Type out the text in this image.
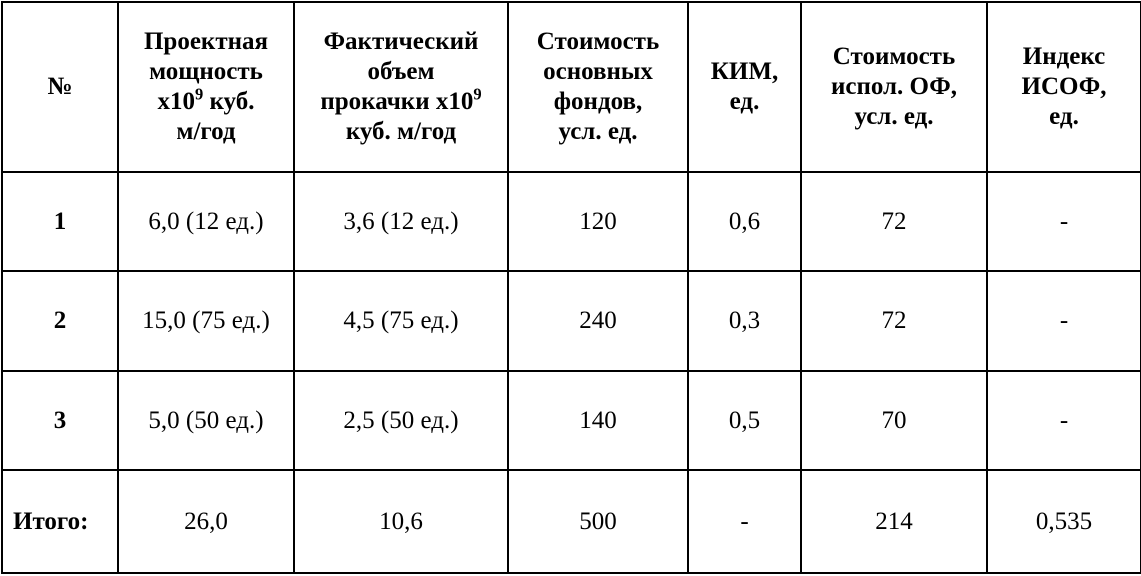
№	Проектная
мощность
$х10^9$ куб.
м/год	Фактический
объем
прокачки $х10^9$
куб. м/год	Стоимость
основных
фондов,
усл. ед.	КИМ,
ед.	Стоимость
испол. ОФ,
усл. ед.	Индекс
ИСОФ,
ед.
1	6,0 (12 ед.)	3,6 (12 ед.)	120	0,6	72	-
2	15,0 (75 ед.)	4,5 (75 ед.)	240	0,3	72	-
3	5,0 (50 ед.)	2,5 (50 ед.)	140	0,5	70	-
Итого:	26,0	10,6	500	-	214	0,535
